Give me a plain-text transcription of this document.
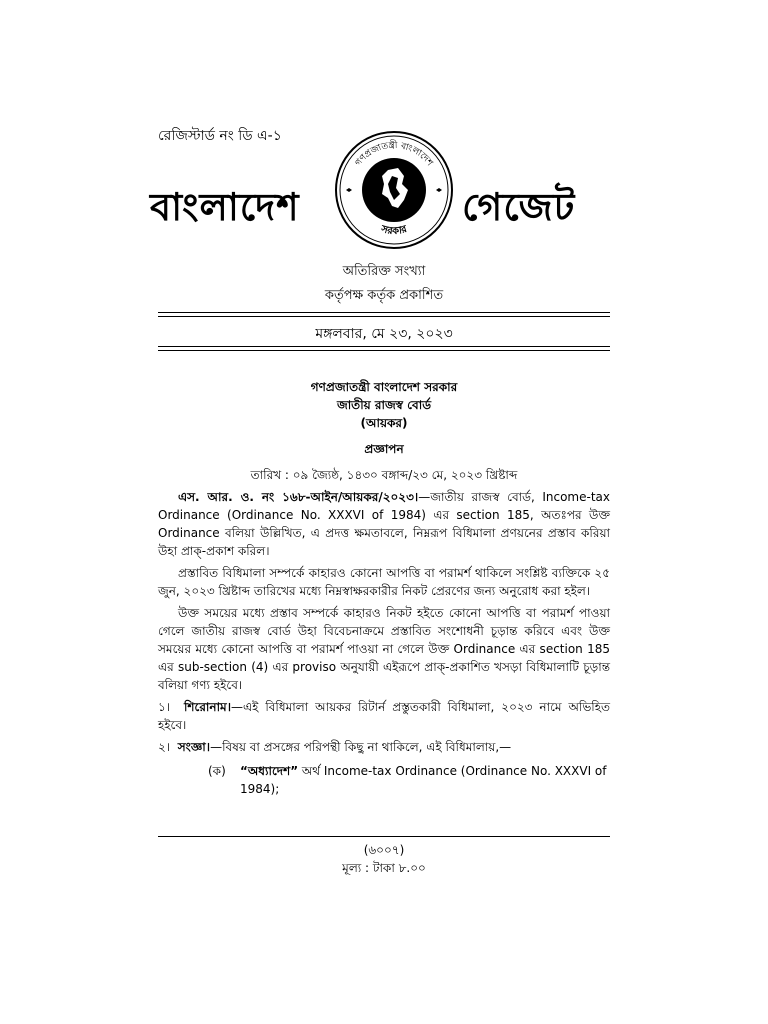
রেজিস্টার্ড নং ডি এ-১
বাংলাদেশ
গণপ্রজাতন্ত্রী বাংলাদেশ
সরকার
গেজেট
অতিরিক্ত সংখ্যা
কর্তৃপক্ষ কর্তৃক প্রকাশিত
মঙ্গলবার, মে ২৩, ২০২৩
গণপ্রজাতন্ত্রী বাংলাদেশ সরকার
জাতীয় রাজস্ব বোর্ড
(আয়কর)
প্রজ্ঞাপন
তারিখ : ০৯ জ্যৈষ্ঠ, ১৪৩০ বঙ্গাব্দ/২৩ মে, ২০২৩ খ্রিষ্টাব্দ

এস. আর. ও. নং ১৬৮-আইন/আয়কর/২০২৩।—জাতীয় রাজস্ব বোর্ড, Income-tax Ordinance (Ordinance No. XXXVI of 1984) এর section 185, অতঃপর উক্ত Ordinance বলিয়া উল্লিখিত, এ প্রদত্ত ক্ষমতাবলে, নিম্নরূপ বিধিমালা প্রণয়নের প্রস্তাব করিয়া উহা প্রাক্-প্রকাশ করিল।

প্রস্তাবিত বিধিমালা সম্পর্কে কাহারও কোনো আপত্তি বা পরামর্শ থাকিলে সংশ্লিষ্ট ব্যক্তিকে ২৫ জুন, ২০২৩ খ্রিষ্টাব্দ তারিখের মধ্যে নিম্নস্বাক্ষরকারীর নিকট প্রেরণের জন্য অনুরোধ করা হইল।

উক্ত সময়ের মধ্যে প্রস্তাব সম্পর্কে কাহারও নিকট হইতে কোনো আপত্তি বা পরামর্শ পাওয়া গেলে জাতীয় রাজস্ব বোর্ড উহা বিবেচনাক্রমে প্রস্তাবিত সংশোধনী চূড়ান্ত করিবে এবং উক্ত সময়ের মধ্যে কোনো আপত্তি বা পরামর্শ পাওয়া না গেলে উক্ত Ordinance এর section 185 এর sub-section (4) এর proviso অনুযায়ী এইরূপে প্রাক্-প্রকাশিত খসড়া বিধিমালাটি চূড়ান্ত বলিয়া গণ্য হইবে।

১। শিরোনাম।—এই বিধিমালা আয়কর রিটার্ন প্রস্তুতকারী বিধিমালা, ২০২৩ নামে অভিহিত হইবে।

২। সংজ্ঞা।—বিষয় বা প্রসঙ্গের পরিপন্থী কিছু না থাকিলে, এই বিধিমালায়,—

(ক)	“অধ্যাদেশ” অর্থ Income-tax Ordinance (Ordinance No. XXXVI of 1984);
(৬০০৭)
মূল্য : টাকা ৮.০০
